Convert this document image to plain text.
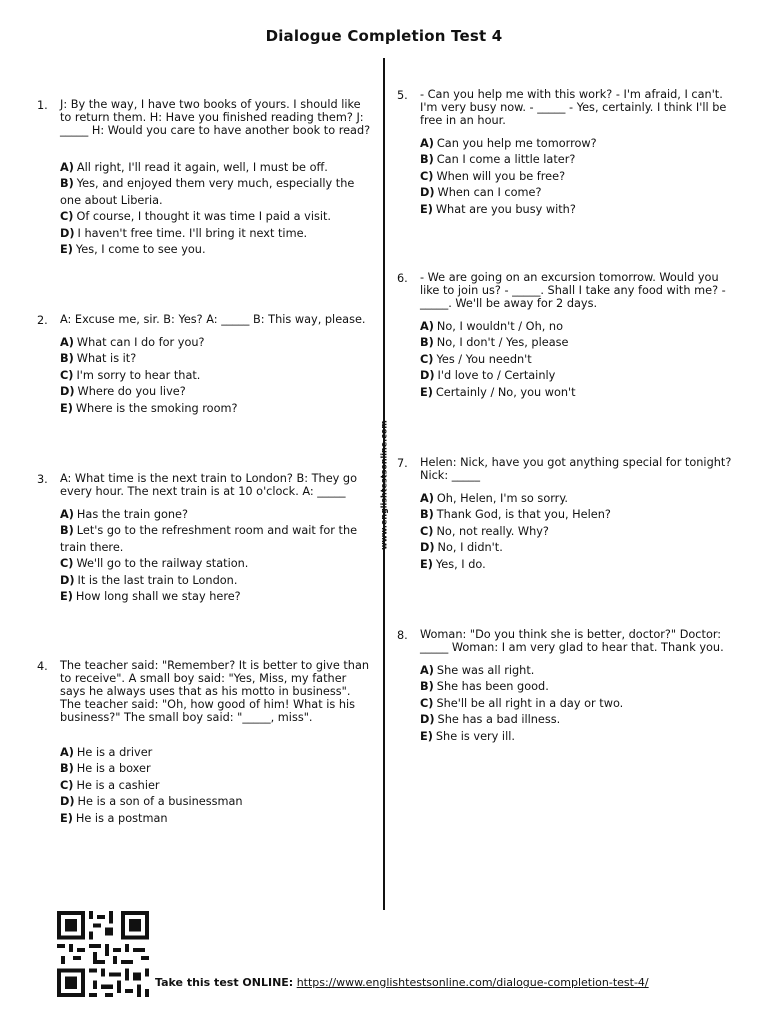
Dialogue Completion Test 4
www.englishtestsonline.com
1. J: By the way, I have two books of yours. I should like to return them. H: Have you finished reading them? J: _____ H: Would you care to have another book to read?
A) All right, I'll read it again, well, I must be off.
B) Yes, and enjoyed them very much, especially the one about Liberia.
C) Of course, I thought it was time I paid a visit.
D) I haven't free time. I'll bring it next time.
E) Yes, I come to see you.
2. A: Excuse me, sir. B: Yes? A: _____ B: This way, please.
A) What can I do for you?
B) What is it?
C) I'm sorry to hear that.
D) Where do you live?
E) Where is the smoking room?
3. A: What time is the next train to London? B: They go every hour. The next train is at 10 o'clock. A: _____
A) Has the train gone?
B) Let's go to the refreshment room and wait for the train there.
C) We'll go to the railway station.
D) It is the last train to London.
E) How long shall we stay here?
4. The teacher said: "Remember? It is better to give than to receive". A small boy said: "Yes, Miss, my father says he always uses that as his motto in business". The teacher said: "Oh, how good of him! What is his business?" The small boy said: "_____, miss".
A) He is a driver
B) He is a boxer
C) He is a cashier
D) He is a son of a businessman
E) He is a postman
5. - Can you help me with this work? - I'm afraid, I can't. I'm very busy now. - _____ - Yes, certainly. I think I'll be free in an hour.
A) Can you help me tomorrow?
B) Can I come a little later?
C) When will you be free?
D) When can I come?
E) What are you busy with?
6. - We are going on an excursion tomorrow. Would you like to join us? - _____. Shall I take any food with me? - _____. We'll be away for 2 days.
A) No, I wouldn't / Oh, no
B) No, I don't / Yes, please
C) Yes / You needn't
D) I'd love to / Certainly
E) Certainly / No, you won't
7. Helen: Nick, have you got anything special for tonight? Nick: _____
A) Oh, Helen, I'm so sorry.
B) Thank God, is that you, Helen?
C) No, not really. Why?
D) No, I didn't.
E) Yes, I do.
8. Woman: "Do you think she is better, doctor?" Doctor: _____ Woman: I am very glad to hear that. Thank you.
A) She was all right.
B) She has been good.
C) She'll be all right in a day or two.
D) She has a bad illness.
E) She is very ill.
Take this test ONLINE: https://www.englishtestsonline.com/dialogue-completion-test-4/
